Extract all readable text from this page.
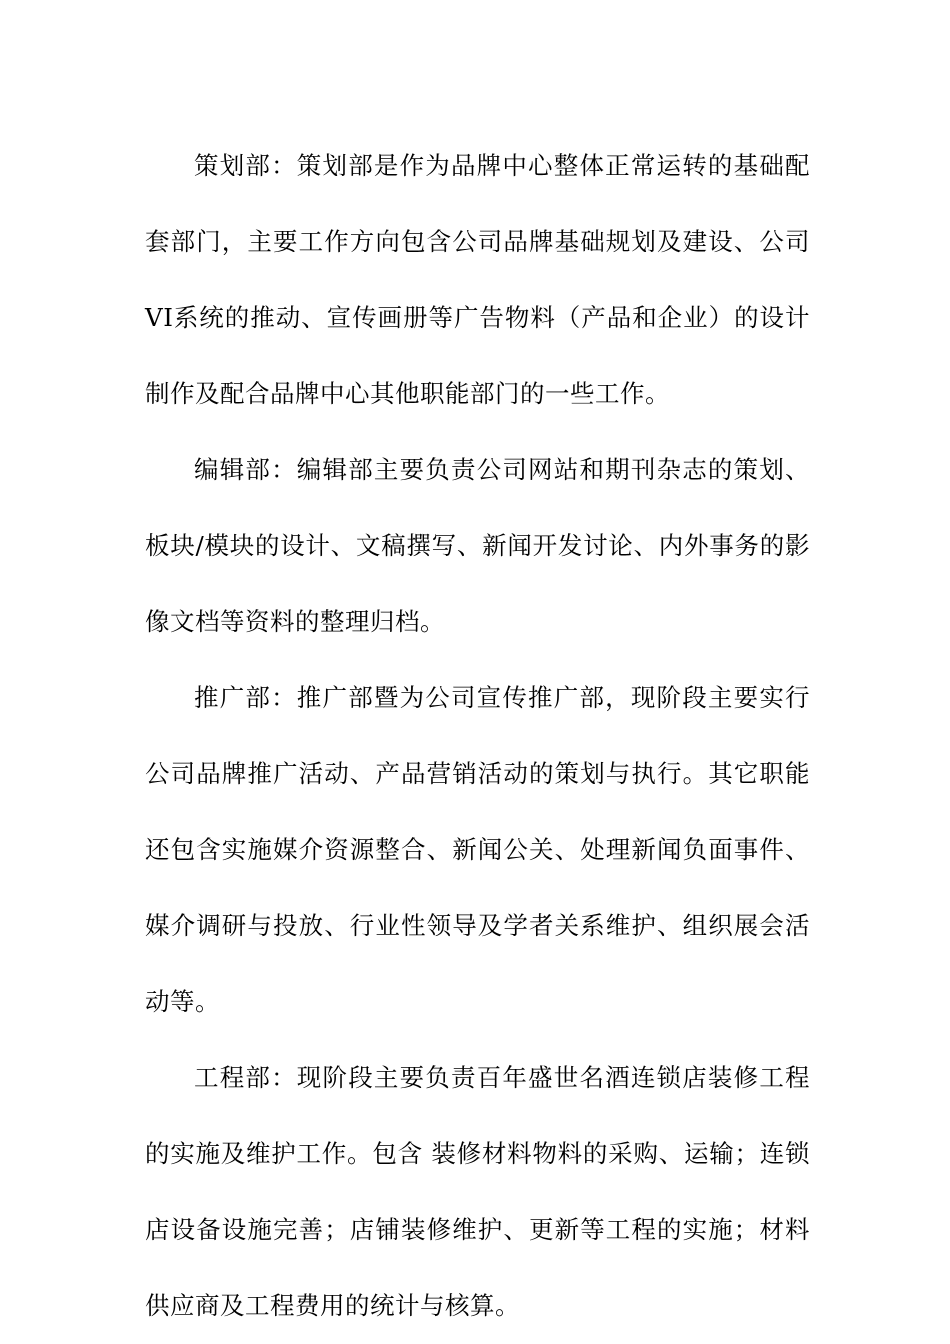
策划部：策划部是作为品牌中心整体正常运转的基础配套部门，主要工作方向包含公司品牌基础规划及建设、公司VI系统的推动、宣传画册等广告物料（产品和企业）的设计制作及配合品牌中心其他职能部门的一些工作。

编辑部：编辑部主要负责公司网站和期刊杂志的策划、板块/模块的设计、文稿撰写、新闻开发讨论、内外事务的影像文档等资料的整理归档。

推广部：推广部暨为公司宣传推广部，现阶段主要实行公司品牌推广活动、产品营销活动的策划与执行。其它职能还包含实施媒介资源整合、新闻公关、处理新闻负面事件、媒介调研与投放、行业性领导及学者关系维护、组织展会活动等。

工程部：现阶段主要负责百年盛世名酒连锁店装修工程的实施及维护工作。包含 装修材料物料的采购、运输；连锁店设备设施完善；店铺装修维护、更新等工程的实施；材料供应商及工程费用的统计与核算。
